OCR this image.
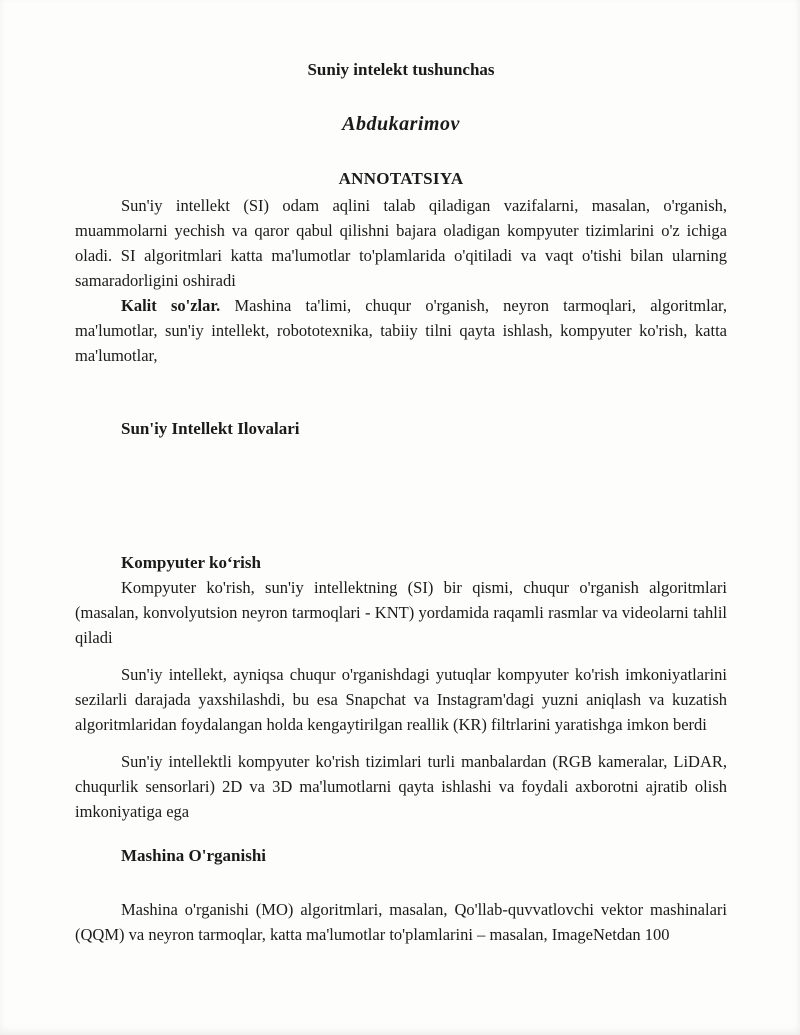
Suniy intelekt tushunchas
Abdukarimov
ANNOTATSIYA

Sun'iy intellekt (SI) odam aqlini talab qiladigan vazifalarni, masalan, o'rganish, muammolarni yechish va qaror qabul qilishni bajara oladigan kompyuter tizimlarini o'z ichiga oladi. SI algoritmlari katta ma'lumotlar to'plamlarida o'qitiladi va vaqt o'tishi bilan ularning samaradorligini oshiradi

Kalit so'zlar. Mashina ta'limi, chuqur o'rganish, neyron tarmoqlari, algoritmlar, ma'lumotlar, sun'iy intellekt, robototexnika, tabiiy tilni qayta ishlash, kompyuter ko'rish, katta ma'lumotlar,

Sun'iy Intellekt Ilovalari
Kompyuter koʻrish

Kompyuter ko'rish, sun'iy intellektning (SI) bir qismi, chuqur o'rganish algoritmlari (masalan, konvolyutsion neyron tarmoqlari - KNT) yordamida raqamli rasmlar va videolarni tahlil qiladi

Sun'iy intellekt, ayniqsa chuqur o'rganishdagi yutuqlar kompyuter ko'rish imkoniyatlarini sezilarli darajada yaxshilashdi, bu esa Snapchat va Instagram'dagi yuzni aniqlash va kuzatish algoritmlaridan foydalangan holda kengaytirilgan reallik (KR) filtrlarini yaratishga imkon berdi

Sun'iy intellektli kompyuter ko'rish tizimlari turli manbalardan (RGB kameralar, LiDAR, chuqurlik sensorlari) 2D va 3D ma'lumotlarni qayta ishlashi va foydali axborotni ajratib olish imkoniyatiga ega

Mashina O'rganishi

Mashina o'rganishi (MO) algoritmlari, masalan, Qo'llab-quvvatlovchi vektor mashinalari (QQM) va neyron tarmoqlar, katta ma'lumotlar to'plamlarini – masalan, ImageNetdan 100
